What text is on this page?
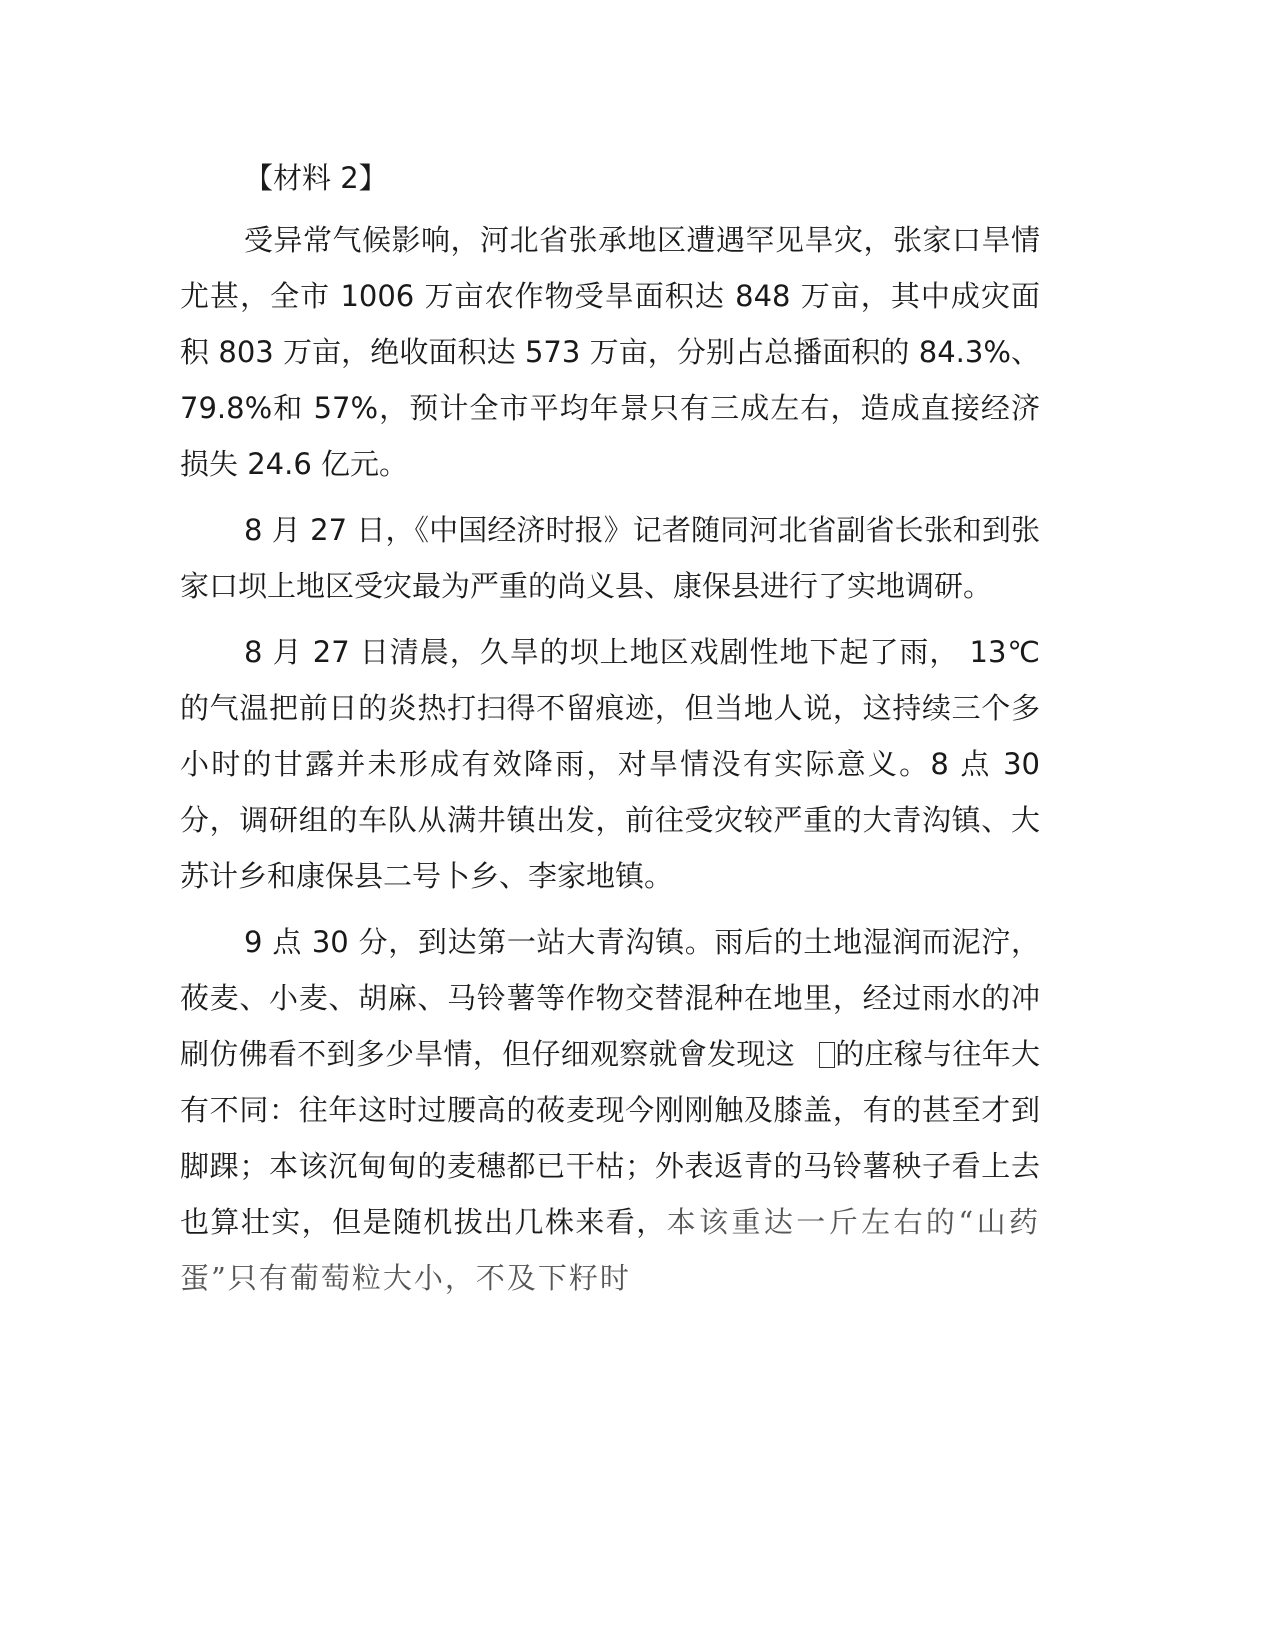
【材料 2】

受异常气候影响，河北省张承地区遭遇罕见旱灾，张家口旱情尤甚，全市 1006 万亩农作物受旱面积达 848 万亩，其中成灾面积 803 万亩，绝收面积达 573 万亩，分别占总播面积的 84.3%、79.8%和 57%，预计全市平均年景只有三成左右，造成直接经济损失 24.6 亿元。

8 月 27 日，《中国经济时报》记者随同河北省副省长张和到张家口坝上地区受灾最为严重的尚义县、康保县进行了实地调研。

8 月 27 日清晨，久旱的坝上地区戏剧性地下起了雨， 13℃的气温把前日的炎热打扫得不留痕迹，但当地人说，这持续三个多小时的甘露并未形成有效降雨，对旱情没有实际意义。8 点 30 分，调研组的车队从满井镇出发，前往受灾较严重的大青沟镇、大苏计乡和康保县二号卜乡、李家地镇。

9 点 30 分，到达第一站大青沟镇。雨后的土地湿润而泥泞，莜麦、小麦、胡麻、马铃薯等作物交替混种在地里，经过雨水的冲刷仿佛看不到多少旱情，但仔细观察就會发现这 的庄稼与往年大有不同：往年这时过腰高的莜麦现今刚刚触及膝盖，有的甚至才到脚踝；本该沉甸甸的麦穗都已干枯；外表返青的马铃薯秧子看上去也算壮实，但是随机拔出几株来看，本该重达一斤左右的“山药蛋”只有葡萄粒大小，不及下籽时
